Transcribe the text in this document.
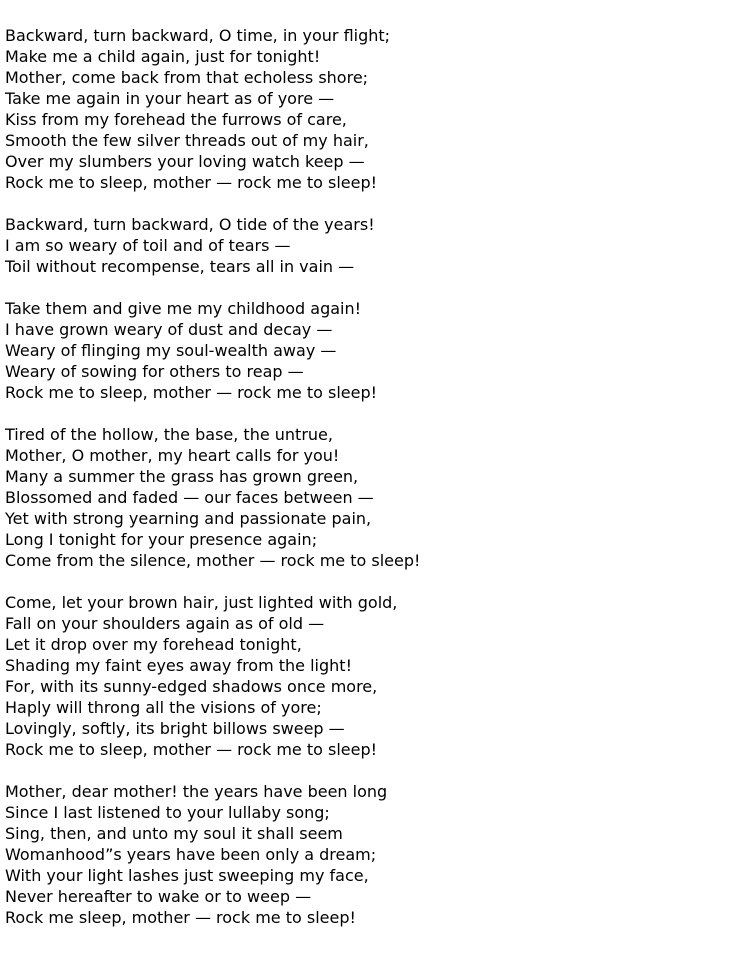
Backward, turn backward, O time, in your flight;
Make me a child again, just for tonight!
Mother, come back from that echoless shore;
Take me again in your heart as of yore —
Kiss from my forehead the furrows of care,
Smooth the few silver threads out of my hair,
Over my slumbers your loving watch keep —
Rock me to sleep, mother — rock me to sleep!
Backward, turn backward, O tide of the years!
I am so weary of toil and of tears —
Toil without recompense, tears all in vain —
Take them and give me my childhood again!
I have grown weary of dust and decay —
Weary of flinging my soul-wealth away —
Weary of sowing for others to reap —
Rock me to sleep, mother — rock me to sleep!
Tired of the hollow, the base, the untrue,
Mother, O mother, my heart calls for you!
Many a summer the grass has grown green,
Blossomed and faded — our faces between —
Yet with strong yearning and passionate pain,
Long I tonight for your presence again;
Come from the silence, mother — rock me to sleep!
Come, let your brown hair, just lighted with gold,
Fall on your shoulders again as of old —
Let it drop over my forehead tonight,
Shading my faint eyes away from the light!
For, with its sunny-edged shadows once more,
Haply will throng all the visions of yore;
Lovingly, softly, its bright billows sweep —
Rock me to sleep, mother — rock me to sleep!
Mother, dear mother! the years have been long
Since I last listened to your lullaby song;
Sing, then, and unto my soul it shall seem
Womanhood”s years have been only a dream;
With your light lashes just sweeping my face,
Never hereafter to wake or to weep —
Rock me sleep, mother — rock me to sleep!
